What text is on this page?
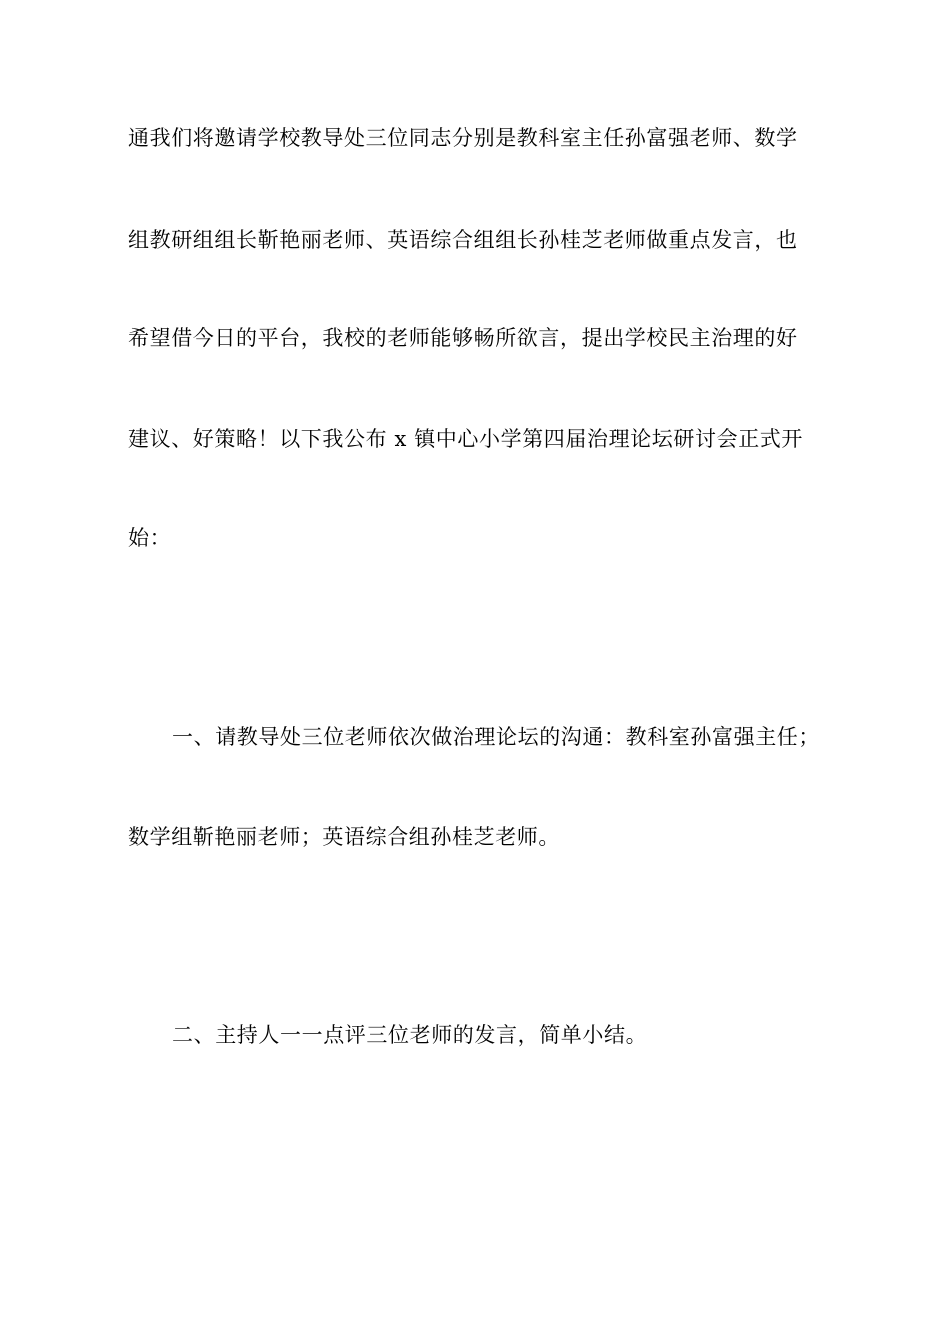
通我们将邀请学校教导处三位同志分别是教科室主任孙富强老师、数学
组教研组组长靳艳丽老师、英语综合组组长孙桂芝老师做重点发言，也
希望借今日的平台，我校的老师能够畅所欲言，提出学校民主治理的好
建议、好策略！以下我公布 x 镇中心小学第四届治理论坛研讨会正式开
始：
一、请教导处三位老师依次做治理论坛的沟通：教科室孙富强主任；
数学组靳艳丽老师；英语综合组孙桂芝老师。
二、主持人一一点评三位老师的发言，简单小结。
